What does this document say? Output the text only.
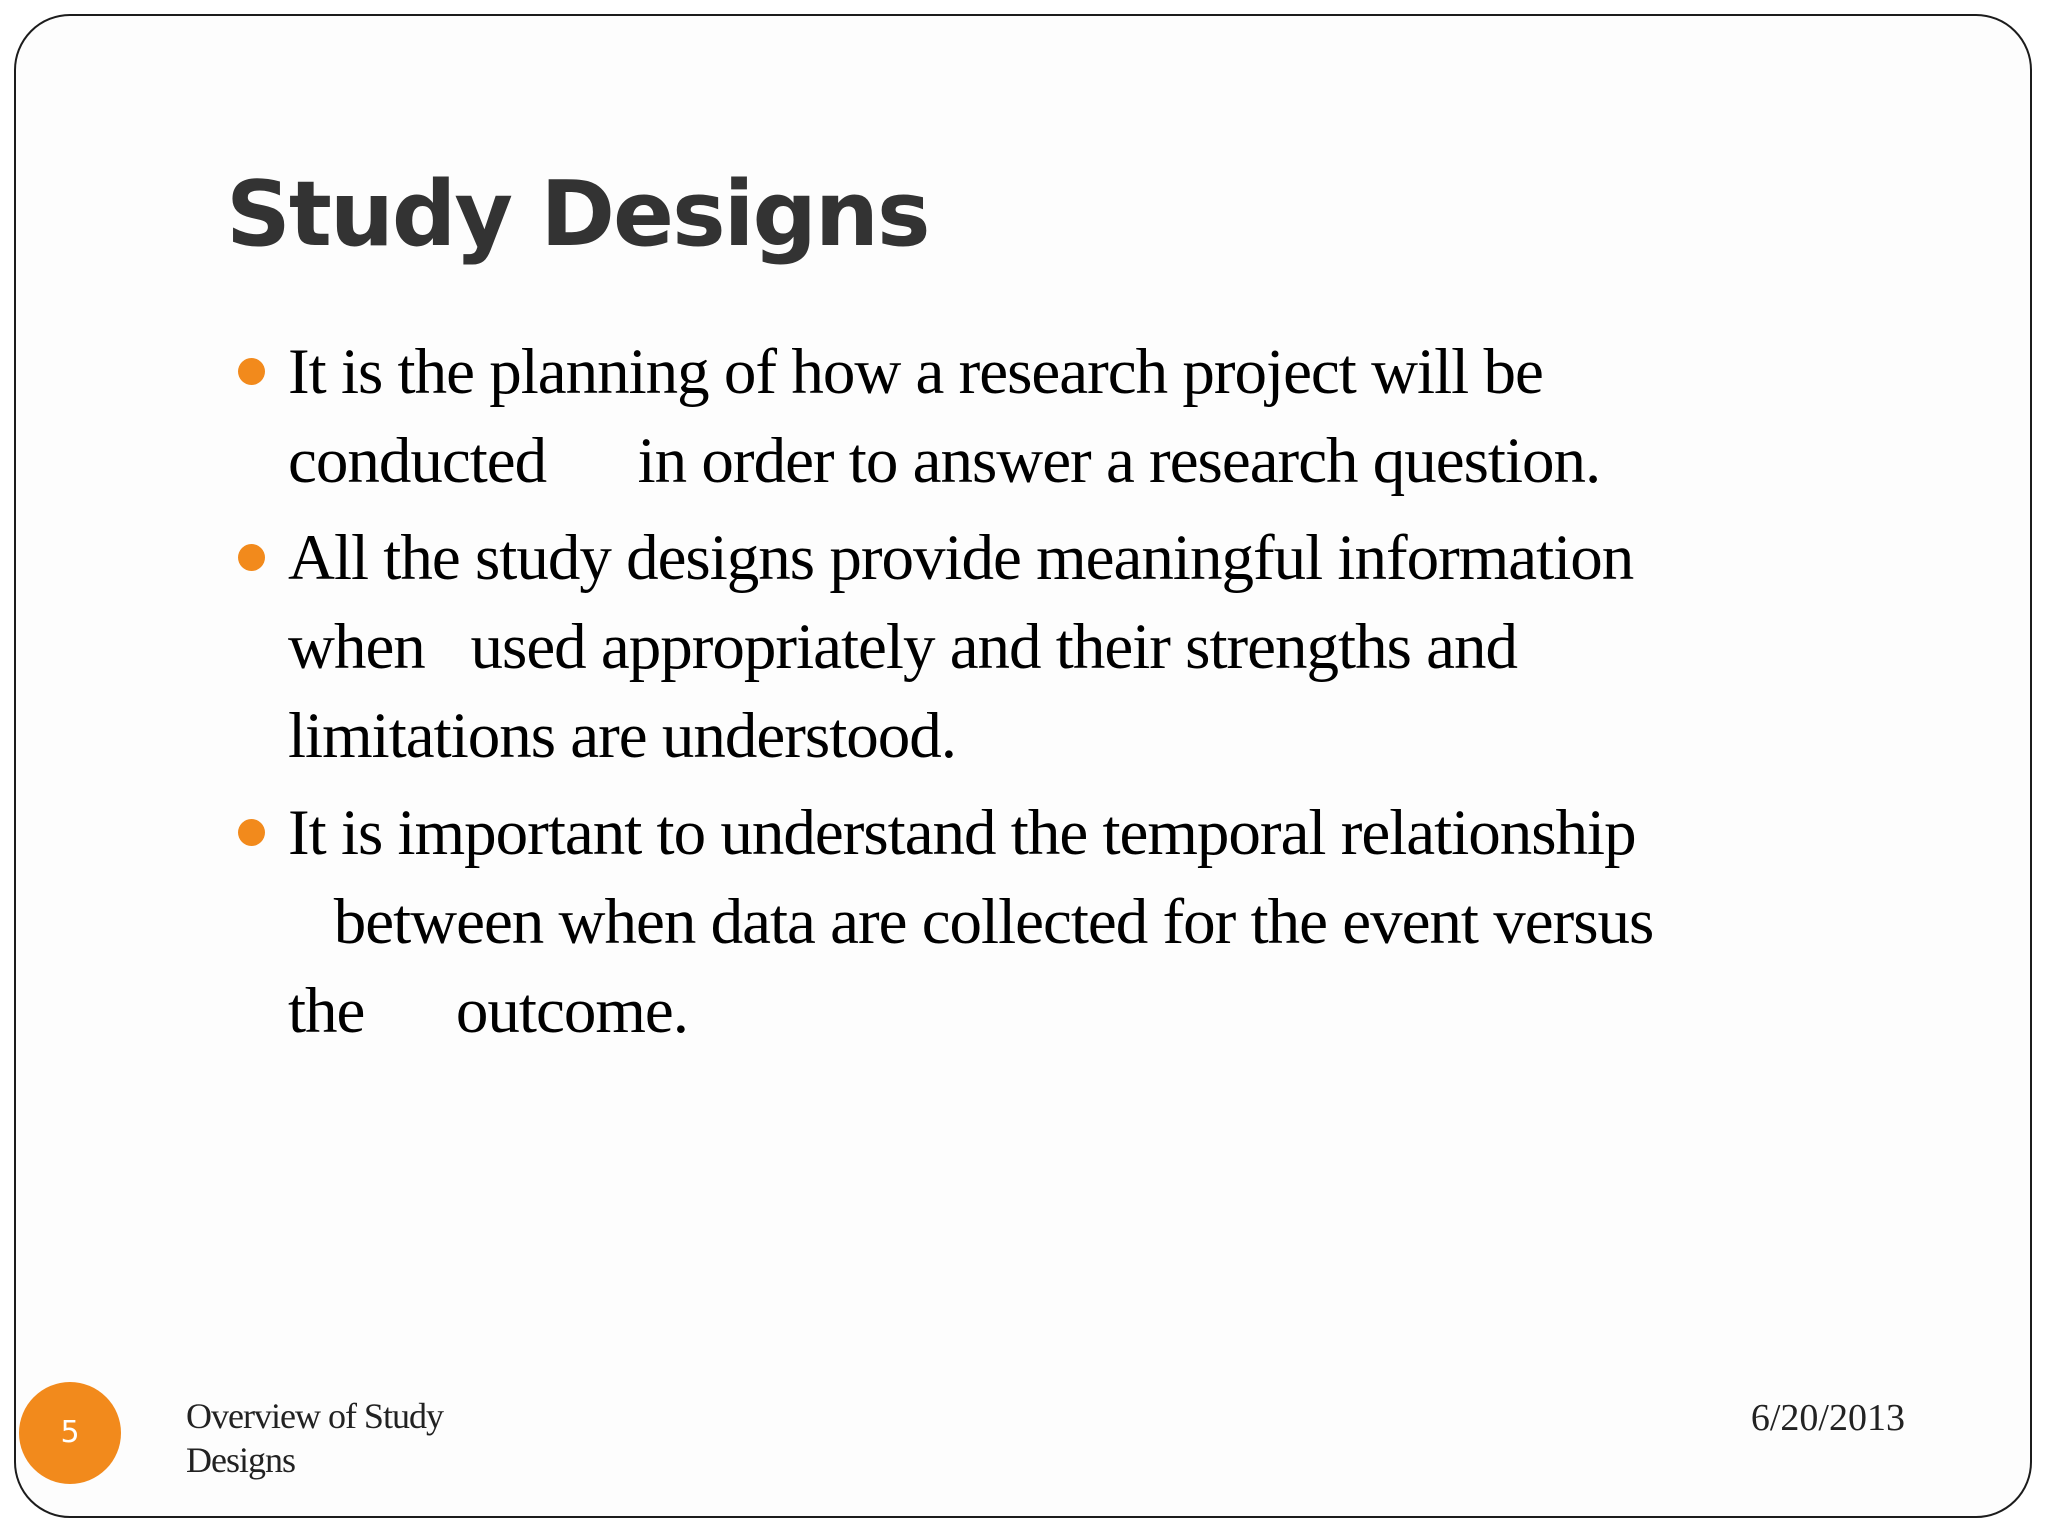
Study Designs
It is the planning of how a research project will be
conducted      in order to answer a research question.
All the study designs provide meaningful information
when   used appropriately and their strengths and
limitations are understood.
It is important to understand the temporal relationship
between when data are collected for the event versus
the      outcome.
5	Overview of Study Designs
6/20/2013
